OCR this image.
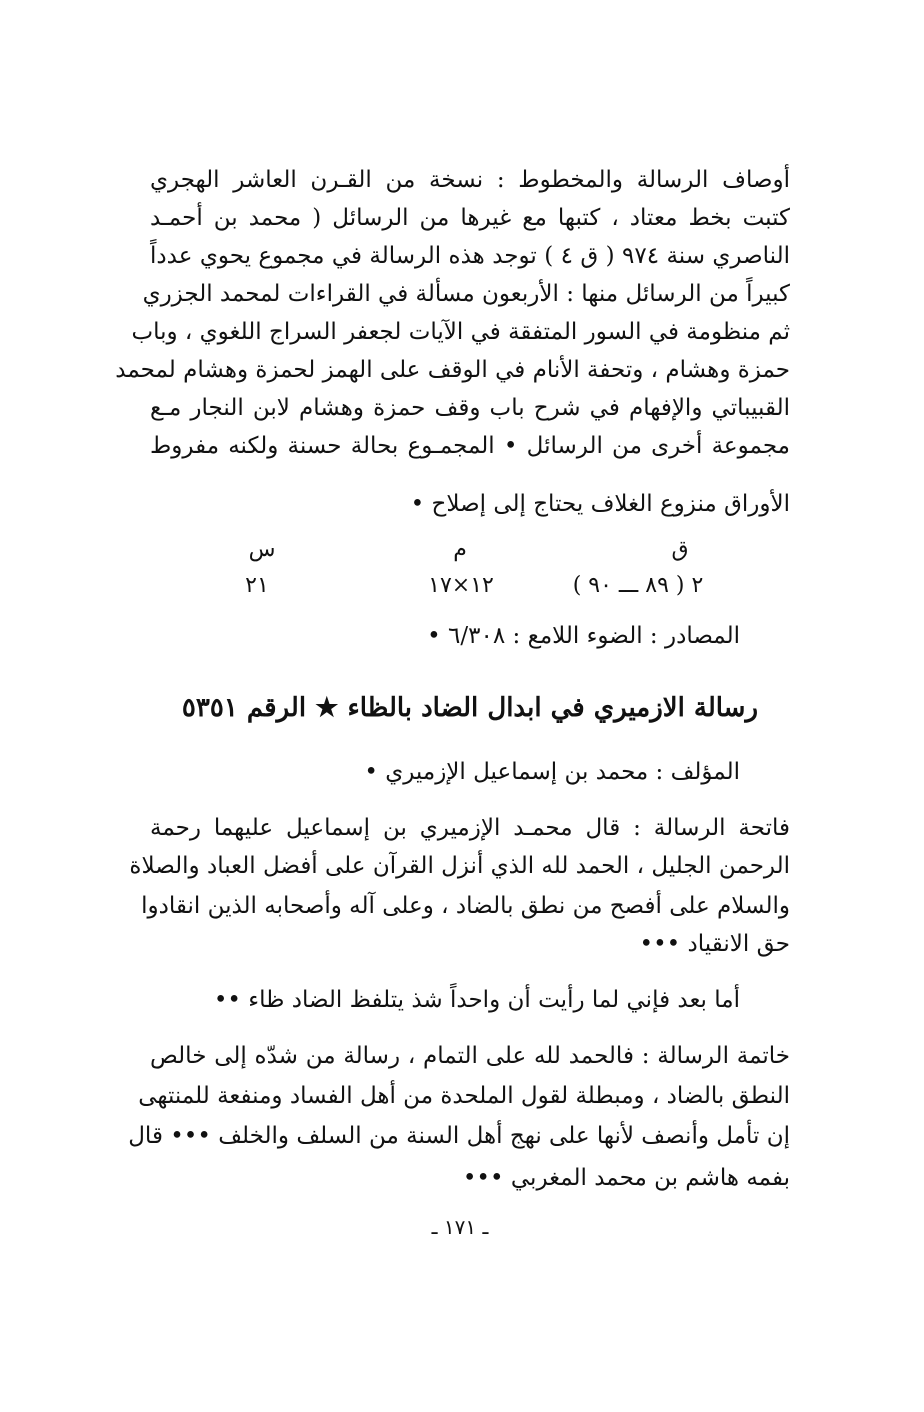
أوصاف الرسالة والمخطوط : نسخة من القـرن العاشر الهجري
كتبت بخط معتاد ، كتبها مع غيرها من الرسائل ( محمد بن أحمـد
الناصري سنة ٩٧٤ ( ق ٤ ) توجد هذه الرسالة في مجموع يحوي عدداً
كبيراً من الرسائل منها : الأربعون مسألة في القراءات لمحمد الجزري
ثم منظومة في السور المتفقة في الآيات لجعفر السراج اللغوي ، وباب
حمزة وهشام ، وتحفة الأنام في الوقف على الهمز لحمزة وهشام لمحمد
القبيباتي والإفهام في شرح باب وقف حمزة وهشام لابن النجار مـع
مجموعة أخرى من الرسائل • المجمـوع بحالة حسنة ولكنه مفروط
الأوراق منزوع الغلاف يحتاج إلى إصلاح •
ق
م
س
٢ ( ٨٩ ـــ ٩٠ )
١٢×١٧
٢١
المصادر : الضوء اللامع : ٦/٣٠٨ •
رسالة الازميري في ابدال الضاد بالظاء ★ الرقم ٥٣٥١
المؤلف : محمد بن إسماعيل الإزميري •
فاتحة الرسالة : قال محمـد الإزميري بن إسماعيل عليهما رحمة
الرحمن الجليل ، الحمد لله الذي أنزل القرآن على أفضل العباد والصلاة
والسلام على أفصح من نطق بالضاد ، وعلى آله وأصحابه الذين انقادوا
حق الانقياد •••
أما بعد فإني لما رأيت أن واحداً شذ يتلفظ الضاد ظاء ••
خاتمة الرسالة : فالحمد لله على التمام ، رسالة من شدّه إلى خالص
النطق بالضاد ، ومبطلة لقول الملحدة من أهل الفساد ومنفعة للمنتهى
إن تأمل وأنصف لأنها على نهج أهل السنة من السلف والخلف ••• قال
بفمه هاشم بن محمد المغربي •••
ـ ١٧١ ـ
